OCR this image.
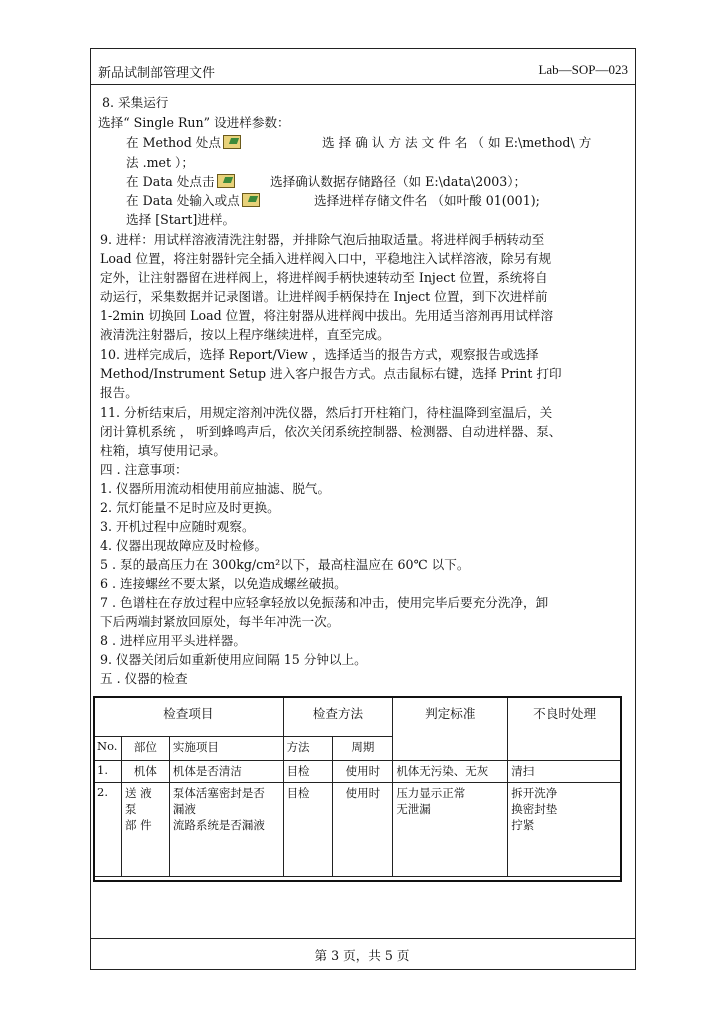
新品试制部管理文件	Lab—SOP—023
8. 采集运行
选择“ Single Run” 设进样参数：
在 Method 处点	选 择 确 认 方 法 文 件 名 （ 如 E:\method\ 方
法 .met ）；
在 Data 处点击	选择确认数据存储路径（如 E:\data\2003）；
在 Data 处输入或点	选择进样存储文件名 （如叶酸 01(001);
选择 [Start]进样。
9. 进样：用试样溶液清洗注射器，并排除气泡后抽取适量。将进样阀手柄转动至
Load 位置，将注射器针完全插入进样阀入口中，平稳地注入试样溶液，除另有规
定外，让注射器留在进样阀上，将进样阀手柄快速转动至 Inject 位置，系统将自
动运行，采集数据并记录图谱。让进样阀手柄保持在 Inject 位置，到下次进样前
1-2min 切换回 Load 位置，将注射器从进样阀中拔出。先用适当溶剂再用试样溶
液清洗注射器后，按以上程序继续进样，直至完成。
10. 进样完成后，选择 Report/View ，选择适当的报告方式，观察报告或选择
Method/Instrument Setup 进入客户报告方式。点击鼠标右键，选择 Print 打印
报告。
11. 分析结束后，用规定溶剂冲洗仪器，然后打开柱箱门，待柱温降到室温后，关
闭计算机系统 ， 听到蜂鸣声后，依次关闭系统控制器、检测器、自动进样器、泵、
柱箱，填写使用记录。
四 . 注意事项：
1. 仪器所用流动相使用前应抽滤、脱气。
2. 氘灯能量不足时应及时更换。
3. 开机过程中应随时观察。
4. 仪器出现故障应及时检修。
5 . 泵的最高压力在 300kg/cm²以下，最高柱温应在 60℃ 以下。
6 . 连接螺丝不要太紧，以免造成螺丝破损。
7 . 色谱柱在存放过程中应轻拿轻放以免振荡和冲击，使用完毕后要充分洗净，卸
下后两端封紧放回原处，每半年冲洗一次。
8 . 进样应用平头进样器。
9. 仪器关闭后如重新使用应间隔 15 分钟以上。
五 . 仪器的检查
检查项目			检查方法		判定标准	不良时处理
No.	部位	实施项目	方法	周期		
1.	机体	机体是否清洁	目检	使用时	机体无污染、无灰	清扫
2.	送 液 泵
部 件	泵体活塞密封是否
漏液
流路系统是否漏液	目检	使用时	压力显示正常
无泄漏	拆开洗净
换密封垫
拧紧
第 3 页，共 5 页
